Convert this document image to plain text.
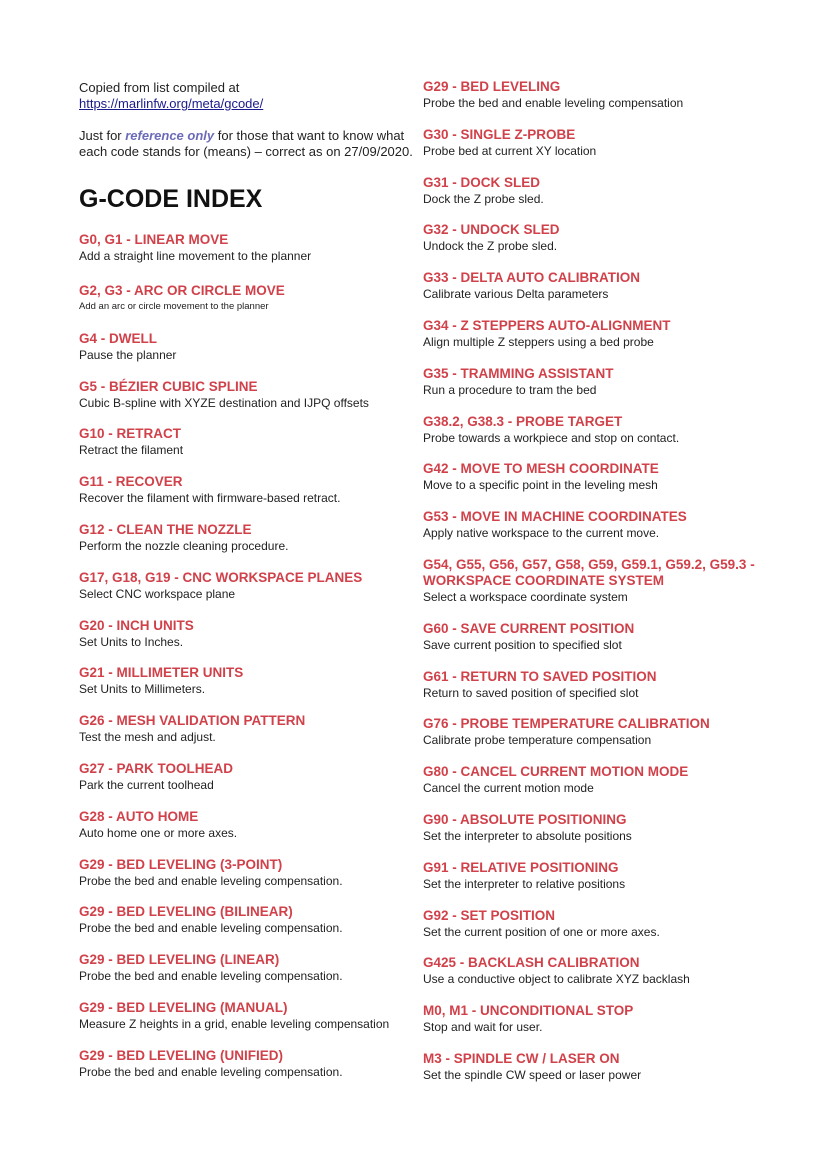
Copied from list compiled at
https://marlinfw.org/meta/gcode/

Just for reference only for those that want to know what each code stands for (means) – correct as on 27/09/2020.

G-CODE INDEX

G0, G1 - LINEAR MOVE

Add a straight line movement to the planner

G2, G3 - ARC OR CIRCLE MOVE

Add an arc or circle movement to the planner

G4 - DWELL

Pause the planner

G5 - BÉZIER CUBIC SPLINE

Cubic B-spline with XYZE destination and IJPQ offsets

G10 - RETRACT

Retract the filament

G11 - RECOVER

Recover the filament with firmware-based retract.

G12 - CLEAN THE NOZZLE

Perform the nozzle cleaning procedure.

G17, G18, G19 - CNC WORKSPACE PLANES

Select CNC workspace plane

G20 - INCH UNITS

Set Units to Inches.

G21 - MILLIMETER UNITS

Set Units to Millimeters.

G26 - MESH VALIDATION PATTERN

Test the mesh and adjust.

G27 - PARK TOOLHEAD

Park the current toolhead

G28 - AUTO HOME

Auto home one or more axes.

G29 - BED LEVELING (3-POINT)

Probe the bed and enable leveling compensation.

G29 - BED LEVELING (BILINEAR)

Probe the bed and enable leveling compensation.

G29 - BED LEVELING (LINEAR)

Probe the bed and enable leveling compensation.

G29 - BED LEVELING (MANUAL)

Measure Z heights in a grid, enable leveling compensation

G29 - BED LEVELING (UNIFIED)

Probe the bed and enable leveling compensation.

G29 - BED LEVELING

Probe the bed and enable leveling compensation

G30 - SINGLE Z-PROBE

Probe bed at current XY location

G31 - DOCK SLED

Dock the Z probe sled.

G32 - UNDOCK SLED

Undock the Z probe sled.

G33 - DELTA AUTO CALIBRATION

Calibrate various Delta parameters

G34 - Z STEPPERS AUTO-ALIGNMENT

Align multiple Z steppers using a bed probe

G35 - TRAMMING ASSISTANT

Run a procedure to tram the bed

G38.2, G38.3 - PROBE TARGET

Probe towards a workpiece and stop on contact.

G42 - MOVE TO MESH COORDINATE

Move to a specific point in the leveling mesh

G53 - MOVE IN MACHINE COORDINATES

Apply native workspace to the current move.

G54, G55, G56, G57, G58, G59, G59.1, G59.2, G59.3 - WORKSPACE COORDINATE SYSTEM

Select a workspace coordinate system

G60 - SAVE CURRENT POSITION

Save current position to specified slot

G61 - RETURN TO SAVED POSITION

Return to saved position of specified slot

G76 - PROBE TEMPERATURE CALIBRATION

Calibrate probe temperature compensation

G80 - CANCEL CURRENT MOTION MODE

Cancel the current motion mode

G90 - ABSOLUTE POSITIONING

Set the interpreter to absolute positions

G91 - RELATIVE POSITIONING

Set the interpreter to relative positions

G92 - SET POSITION

Set the current position of one or more axes.

G425 - BACKLASH CALIBRATION

Use a conductive object to calibrate XYZ backlash

M0, M1 - UNCONDITIONAL STOP

Stop and wait for user.

M3 - SPINDLE CW / LASER ON

Set the spindle CW speed or laser power
